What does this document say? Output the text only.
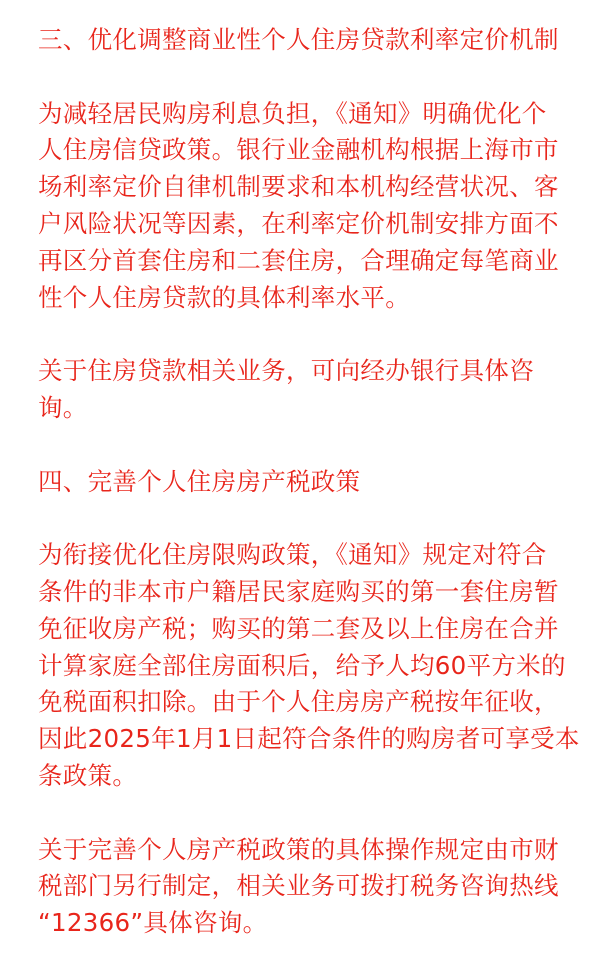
三、优化调整商业性个人住房贷款利率定价机制
为减轻居民购房利息负担，《通知》明确优化个
人住房信贷政策。银行业金融机构根据上海市市
场利率定价自律机制要求和本机构经营状况、客
户风险状况等因素，在利率定价机制安排方面不
再区分首套住房和二套住房，合理确定每笔商业
性个人住房贷款的具体利率水平。
关于住房贷款相关业务，可向经办银行具体咨
询。
四、完善个人住房房产税政策
为衔接优化住房限购政策，《通知》规定对符合
条件的非本市户籍居民家庭购买的第一套住房暂
免征收房产税；购买的第二套及以上住房在合并
计算家庭全部住房面积后，给予人均60平方米的
免税面积扣除。由于个人住房房产税按年征收，
因此2025年1月1日起符合条件的购房者可享受本
条政策。
关于完善个人房产税政策的具体操作规定由市财
税部门另行制定，相关业务可拨打税务咨询热线
“12366”具体咨询。
